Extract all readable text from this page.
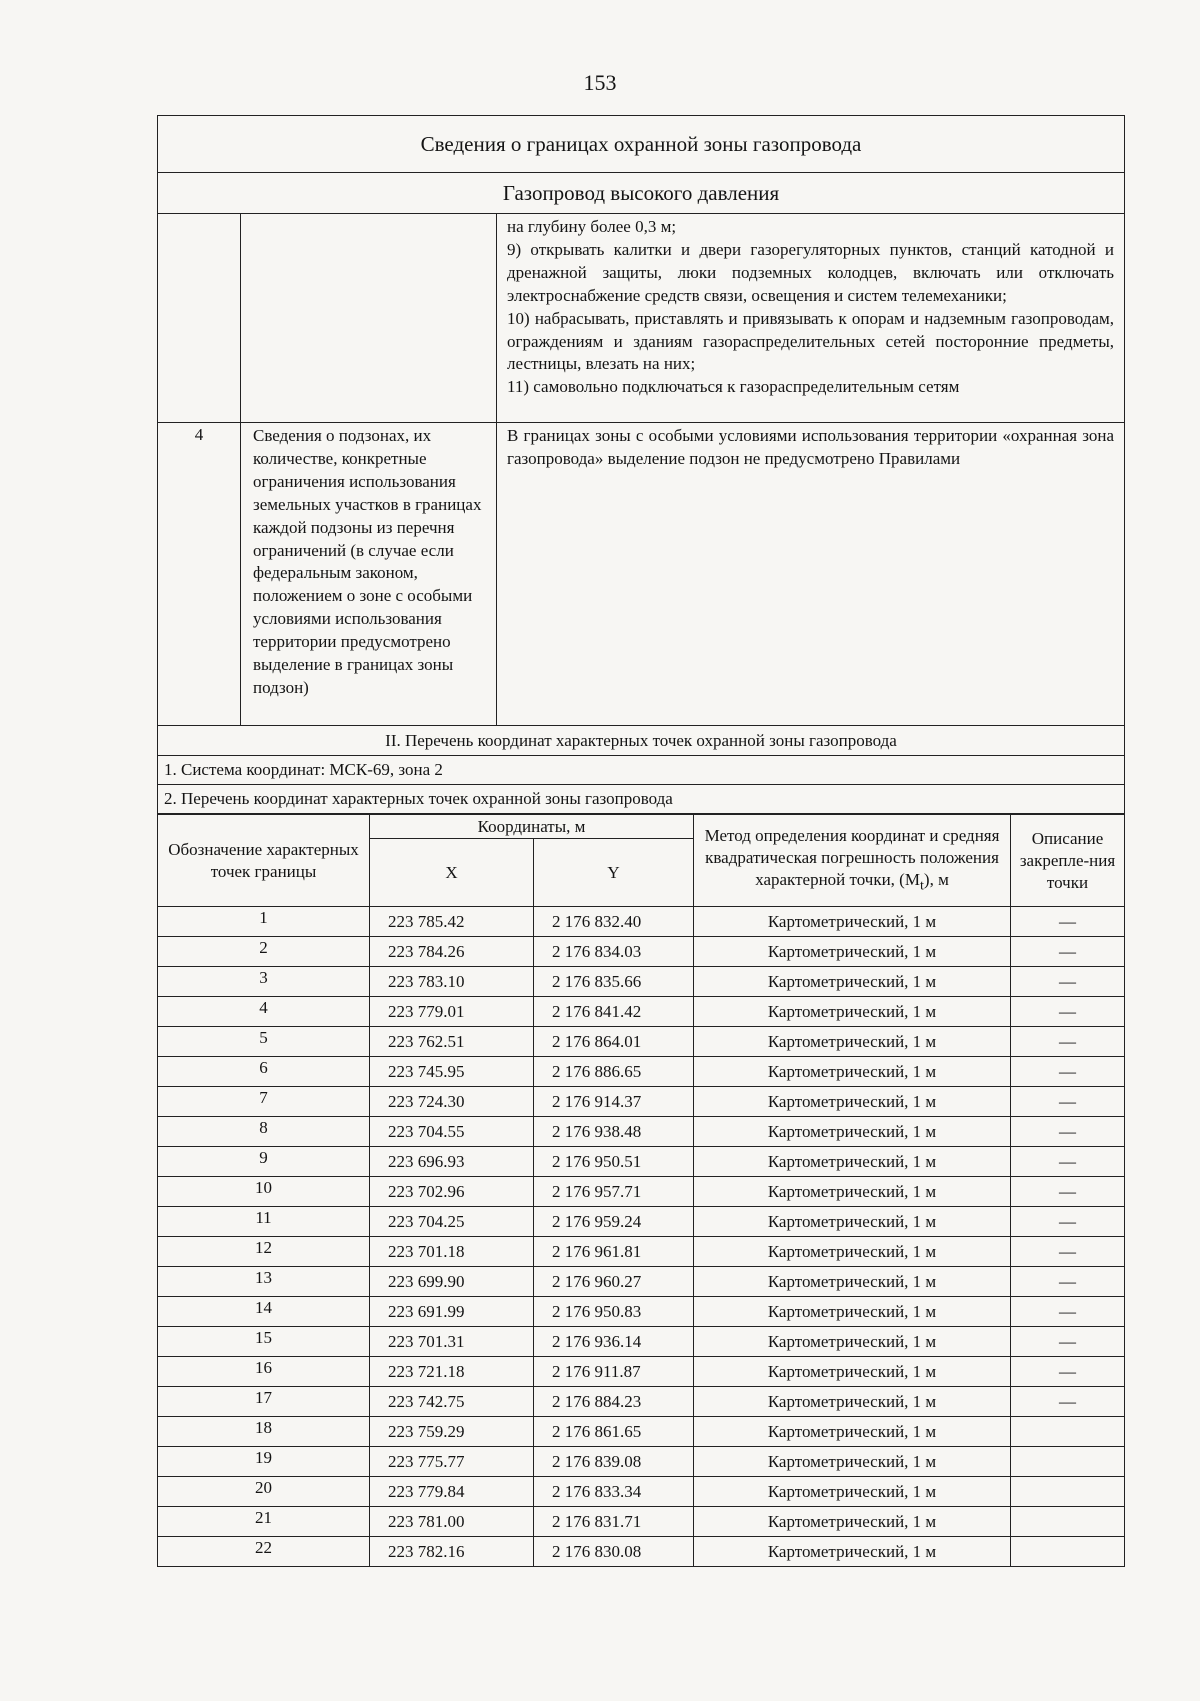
153
Сведения о границах охранной зоны газопровода		
Газопровод высокого давления		

		на глубину более 0,3 м;

9) открывать калитки и двери газорегуляторных пунктов, станций катодной и дренажной защиты, люки подземных колодцев, включать или отключать электроснабжение средств связи, освещения и систем телемеханики;

10) набрасывать, приставлять и привязывать к опорам и надземным газопроводам, ограждениям и зданиям газораспределительных сетей посторонние предметы, лестницы, влезать на них;

11) самовольно подключаться к газораспределительным сетям

4	Сведения о подзонах, их количестве, конкретные ограничения использования земельных участков в границах каждой подзоны из перечня ограничений (в случае если федеральным законом, положением о зоне с особыми условиями использования территории предусмотрено выделение в границах зоны подзон)	В границах зоны с особыми условиями использования территории «охранная зона газопровода» выделение подзон не предусмотрено Правилами

II. Перечень координат характерных точек охранной зоны газопровода		
1. Система координат: МСК-69, зона 2		
2. Перечень координат характерных точек охранной зоны газопровода		
Обозначение характерных точек границы	Координаты, м		Метод определения координат и средняя квадратическая погрешность положения характерной точки, $(M_t)$, м	Описание закрепле-ния точки
	X	Y		
1	223 785.42	2 176 832.40	Картометрический, 1 м	—
2	223 784.26	2 176 834.03	Картометрический, 1 м	—
3	223 783.10	2 176 835.66	Картометрический, 1 м	—
4	223 779.01	2 176 841.42	Картометрический, 1 м	—
5	223 762.51	2 176 864.01	Картометрический, 1 м	—
6	223 745.95	2 176 886.65	Картометрический, 1 м	—
7	223 724.30	2 176 914.37	Картометрический, 1 м	—
8	223 704.55	2 176 938.48	Картометрический, 1 м	—
9	223 696.93	2 176 950.51	Картометрический, 1 м	—
10	223 702.96	2 176 957.71	Картометрический, 1 м	—
11	223 704.25	2 176 959.24	Картометрический, 1 м	—
12	223 701.18	2 176 961.81	Картометрический, 1 м	—
13	223 699.90	2 176 960.27	Картометрический, 1 м	—
14	223 691.99	2 176 950.83	Картометрический, 1 м	—
15	223 701.31	2 176 936.14	Картометрический, 1 м	—
16	223 721.18	2 176 911.87	Картометрический, 1 м	—
17	223 742.75	2 176 884.23	Картометрический, 1 м	—
18	223 759.29	2 176 861.65	Картометрический, 1 м	
19	223 775.77	2 176 839.08	Картометрический, 1 м	
20	223 779.84	2 176 833.34	Картометрический, 1 м	
21	223 781.00	2 176 831.71	Картометрический, 1 м	
22	223 782.16	2 176 830.08	Картометрический, 1 м	
